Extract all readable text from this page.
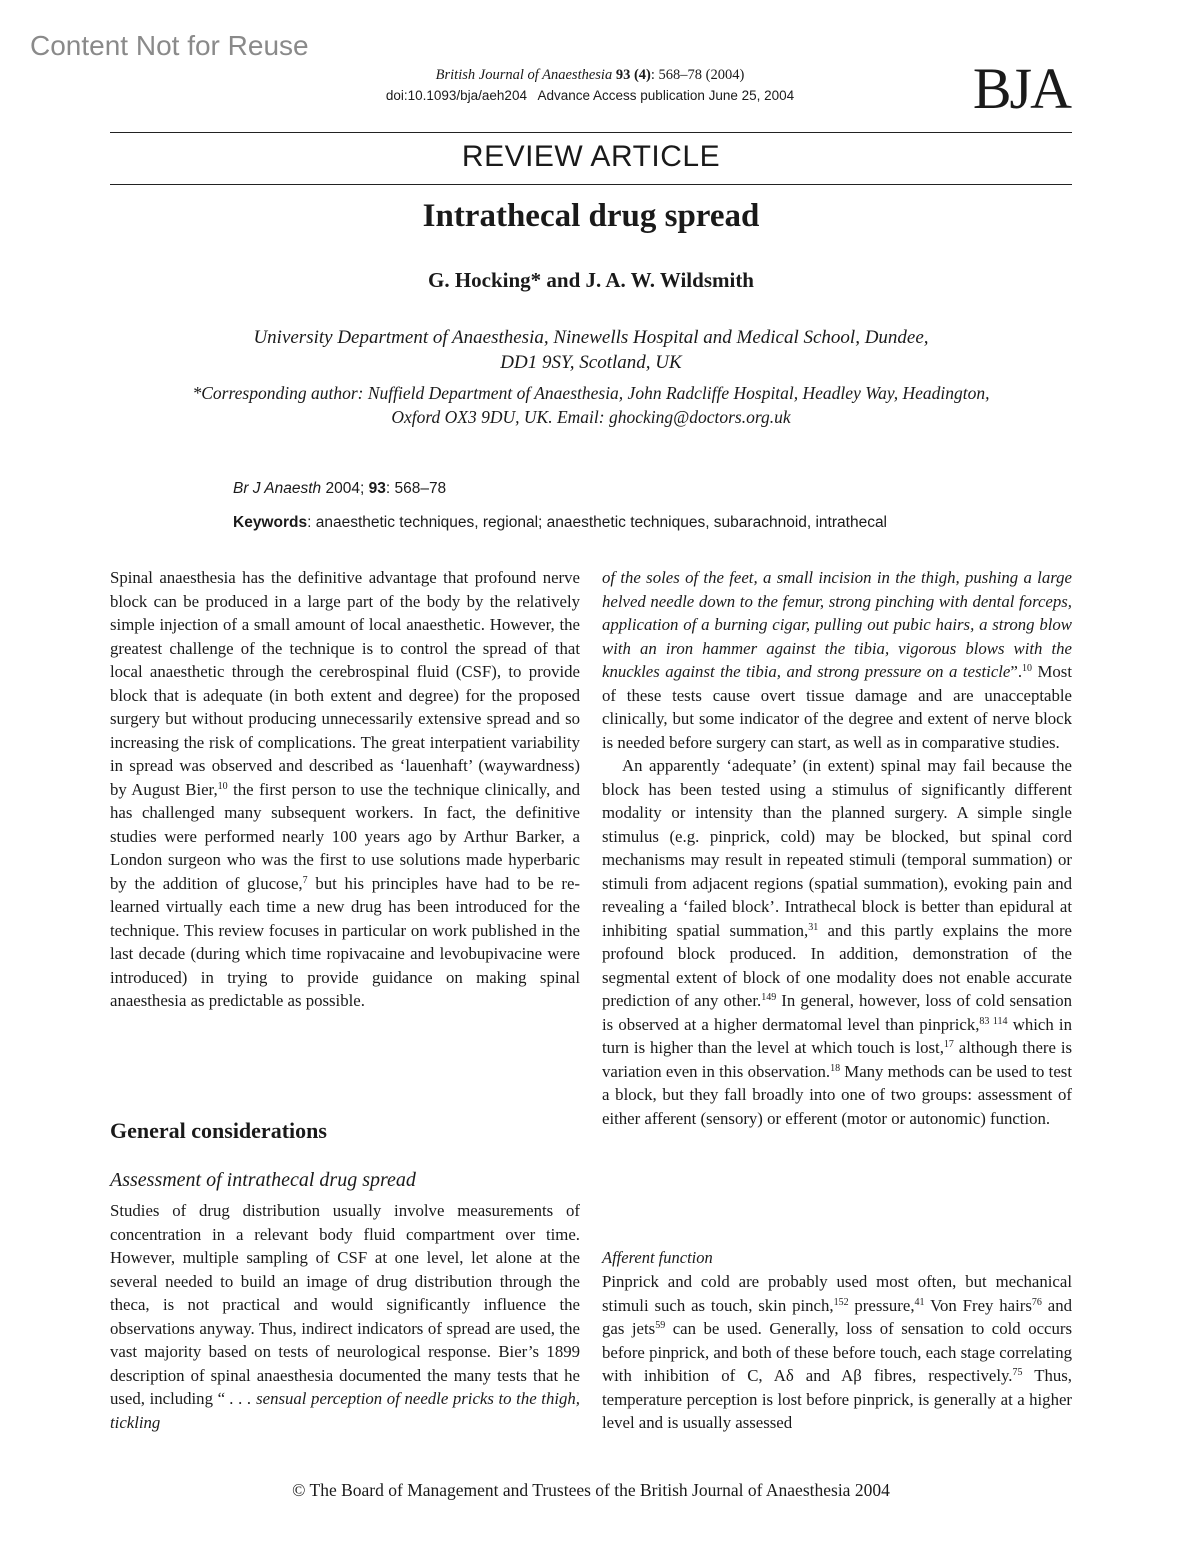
Content Not for Reuse
British Journal of Anaesthesia 93 (4): 568–78 (2004)
doi:10.1093/bja/aeh204 Advance Access publication June 25, 2004	BJA
REVIEW ARTICLE
Intrathecal drug spread
G. Hocking* and J. A. W. Wildsmith
University Department of Anaesthesia, Ninewells Hospital and Medical School, Dundee,
DD1 9SY, Scotland, UK
*Corresponding author: Nuffield Department of Anaesthesia, John Radcliffe Hospital, Headley Way, Headington,
Oxford OX3 9DU, UK. Email: ghocking@doctors.org.uk
Br J Anaesth 2004; 93: 568–78
Keywords: anaesthetic techniques, regional; anaesthetic techniques, subarachnoid, intrathecal

Spinal anaesthesia has the definitive advantage that profound nerve block can be produced in a large part of the body by the relatively simple injection of a small amount of local anaesthetic. However, the greatest challenge of the technique is to control the spread of that local anaesthetic through the cerebrospinal fluid (CSF), to provide block that is adequate (in both extent and degree) for the proposed surgery but without producing unnecessarily extensive spread and so increasing the risk of complications. The great interpatient variability in spread was observed and described as ‘lauenhaft’ (waywardness) by August Bier,$^{10}$ the first person to use the technique clinically, and has challenged many subsequent workers. In fact, the definitive studies were performed nearly 100 years ago by Arthur Barker, a London surgeon who was the first to use solutions made hyperbaric by the addition of glucose,$^7$ but his principles have had to be re-learned virtually each time a new drug has been introduced for the technique. This review focuses in particular on work published in the last decade (during which time ropivacaine and levobupivacine were introduced) in trying to provide guidance on making spinal anaesthesia as predictable as possible.

General considerations
Assessment of intrathecal drug spread

Studies of drug distribution usually involve measurements of concentration in a relevant body fluid compartment over time. However, multiple sampling of CSF at one level, let alone at the several needed to build an image of drug distribution through the theca, is not practical and would significantly influence the observations anyway. Thus, indirect indicators of spread are used, the vast majority based on tests of neurological response. Bier’s 1899 description of spinal anaesthesia documented the many tests that he used, including “ . . . sensual perception of needle pricks to the thigh, tickling

of the soles of the feet, a small incision in the thigh, pushing a large helved needle down to the femur, strong pinching with dental forceps, application of a burning cigar, pulling out pubic hairs, a strong blow with an iron hammer against the tibia, vigorous blows with the knuckles against the tibia, and strong pressure on a testicle”.$^{10}$ Most of these tests cause overt tissue damage and are unacceptable clinically, but some indicator of the degree and extent of nerve block is needed before surgery can start, as well as in comparative studies.

An apparently ‘adequate’ (in extent) spinal may fail because the block has been tested using a stimulus of significantly different modality or intensity than the planned surgery. A simple single stimulus (e.g. pinprick, cold) may be blocked, but spinal cord mechanisms may result in repeated stimuli (temporal summation) or stimuli from adjacent regions (spatial summation), evoking pain and revealing a ‘failed block’. Intrathecal block is better than epidural at inhibiting spatial summation,$^{31}$ and this partly explains the more profound block produced. In addition, demonstration of the segmental extent of block of one modality does not enable accurate prediction of any other.$^{149}$ In general, however, loss of cold sensation is observed at a higher dermatomal level than pinprick,$^{83 114}$ which in turn is higher than the level at which touch is lost,$^{17}$ although there is variation even in this observation.$^{18}$ Many methods can be used to test a block, but they fall broadly into one of two groups: assessment of either afferent (sensory) or efferent (motor or autonomic) function.

Afferent function

Pinprick and cold are probably used most often, but mechanical stimuli such as touch, skin pinch,$^{152}$ pressure,$^{41}$ Von Frey hairs$^{76}$ and gas jets$^{59}$ can be used. Generally, loss of sensation to cold occurs before pinprick, and both of these before touch, each stage correlating with inhibition of C, Aδ and Aβ fibres, respectively.$^{75}$ Thus, temperature perception is lost before pinprick, is generally at a higher level and is usually assessed

© The Board of Management and Trustees of the British Journal of Anaesthesia 2004
